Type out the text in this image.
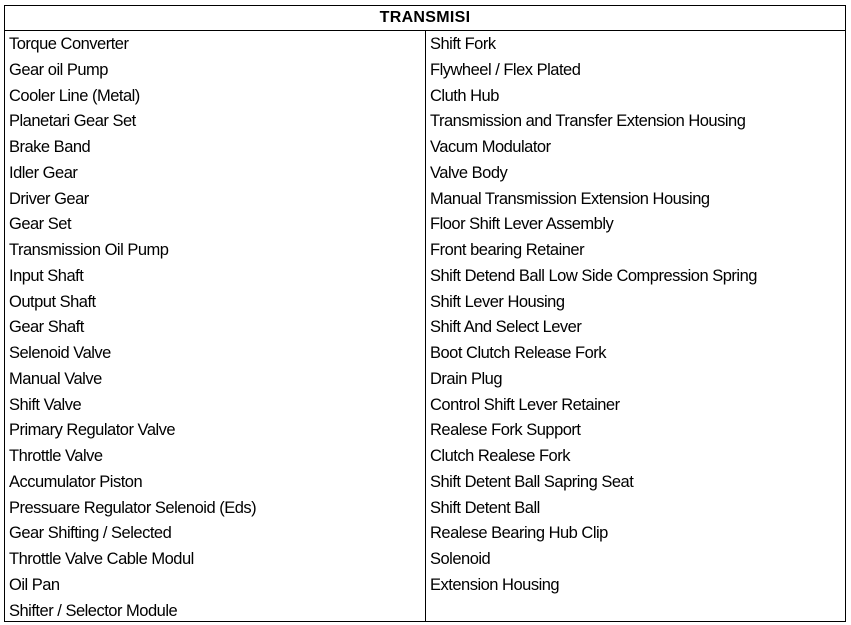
TRANSMISI
Torque Converter
Gear oil Pump
Cooler Line (Metal)
Planetari Gear Set
Brake Band
Idler Gear
Driver Gear
Gear Set
Transmission Oil Pump
Input Shaft
Output Shaft
Gear Shaft
Selenoid Valve
Manual Valve
Shift Valve
Primary Regulator Valve
Throttle Valve
Accumulator Piston
Pressuare Regulator Selenoid (Eds)
Gear Shifting / Selected
Throttle Valve Cable Modul
Oil Pan
Shifter / Selector Module
Shift Fork
Flywheel / Flex Plated
Cluth Hub
Transmission and Transfer Extension Housing
Vacum Modulator
Valve Body
Manual Transmission Extension Housing
Floor Shift Lever Assembly
Front bearing Retainer
Shift Detend Ball Low Side Compression Spring
Shift Lever Housing
Shift And Select Lever
Boot Clutch Release Fork
Drain Plug
Control Shift Lever Retainer
Realese Fork Support
Clutch Realese Fork
Shift Detent Ball Sapring Seat
Shift Detent Ball
Realese Bearing Hub Clip
Solenoid
Extension Housing
